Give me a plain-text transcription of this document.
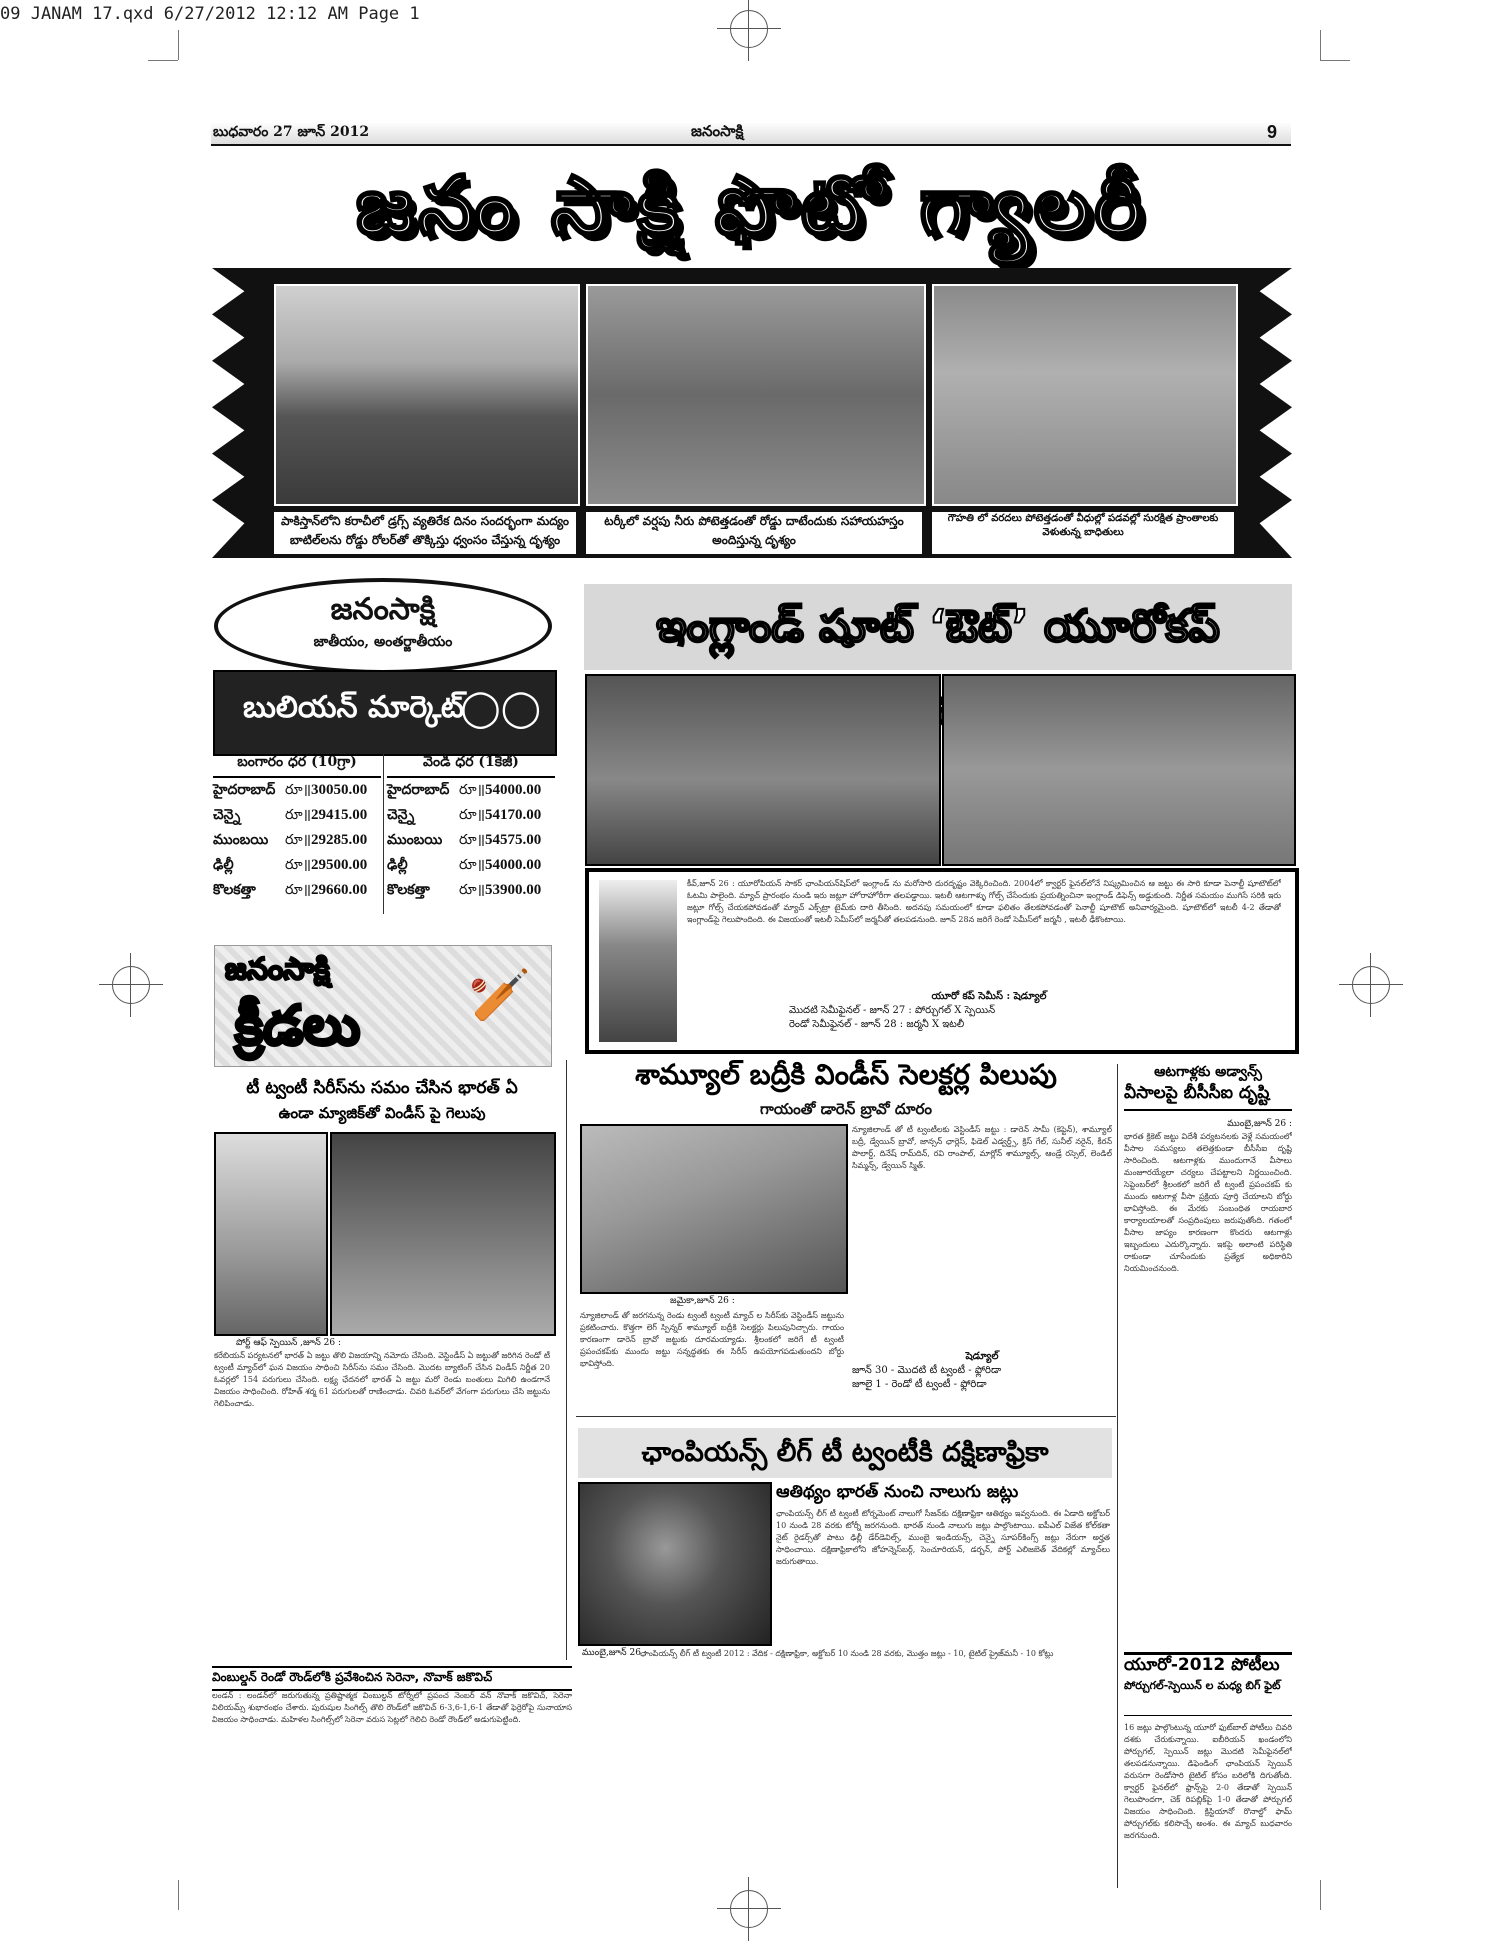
09 JANAM 17.qxd 6/27/2012 12:12 AM Page 1
బుధవారం 27 జూన్ 2012	జనంసాక్షి	9
జనం సాక్షి ఫొటో గ్యాలరీ
పాకిస్తాన్‌లోని కరాచీలో డ్రగ్స్ వ్యతిరేక దినం సందర్భంగా మద్యం బాటిల్‌లను రోడ్డు రోలర్‌తో తొక్కిస్తు ధ్వంసం చేస్తున్న దృశ్యం
టర్కీలో వర్షపు నీరు పోటెత్తడంతో రోడ్డు దాటేందుకు సహాయహస్తం అందిస్తున్న దృశ్యం
గౌహతి లో వరదలు పోటెత్తడంతో వీధుల్లో పడవల్లో సురక్షిత ప్రాంతాలకు వెళుతున్న బాధితులు
జనంసాక్షి
జాతీయం, అంతర్జాతీయం
బులియన్ మార్కెట్
◯◯
బంగారం ధర (10గ్రా)
హైదరాబాద్ రూ॥ 30050.00
చెన్నై	రూ॥ 29415.00
ముంబయి	రూ॥ 29285.00
ఢిల్లీ	రూ॥ 29500.00
కొలకత్తా	రూ॥ 29660.00
వెండి ధర (1కేజీ)
హైదరాబాద్ రూ॥ 54000.00
చెన్నై	రూ॥ 54170.00
ముంబయి	రూ॥ 54575.00
ఢిల్లీ	రూ॥ 54000.00
కొలకత్తా	రూ॥ 53900.00
జనంసాక్షి
క్రీడలు 🏏
ఇంగ్లాండ్ షూట్ ‘ఔట్’ యూరోకప్
కీవ్,జూన్ 26 : యూరోపియన్ సాకర్ ఛాంపియన్‌షిప్‌లో ఇంగ్లాండ్ ను మరోసారి దురదృష్టం వెక్కిరించింది. 2004లో క్వార్టర్ ఫైనల్‌లోనే నిష్క్రమించిన ఆ జట్టు ఈ సారి కూడా పెనాల్టీ షూటౌట్‌లో ఓటమి పాలైంది. మ్యాచ్ ప్రారంభం నుండి ఇరు జట్లూ హోరాహోరీగా తలపడ్డాయి. ఇటలీ ఆటగాళ్ళు గోల్స్ చేసేందుకు ప్రయత్నించినా ఇంగ్లాండ్ డిఫెన్స్ అడ్డుకుంది. నిర్ణీత సమయం ముగిసే సరికి ఇరు జట్లూ గోల్స్ చేయకపోవడంతో మ్యాచ్ ఎక్స్‌ట్రా టైమ్‌కు దారి తీసింది. అదనపు సమయంలో కూడా ఫలితం తేలకపోవడంతో పెనాల్టీ షూటౌట్ అనివార్యమైంది. షూటౌట్‌లో ఇటలీ 4-2 తేడాతో ఇంగ్లాండ్‌పై గెలుపొందింది. ఈ విజయంతో ఇటలీ సెమీస్‌లో జర్మనీతో తలపడనుంది. జూన్ 28న జరిగే రెండో సెమీస్‌లో జర్మనీ , ఇటలీ ఢీకొంటాయి.
యూరో కప్ సెమీస్ : షెడ్యూల్
మొదటి సెమీఫైనల్ - జూన్ 27 : పోర్చుగల్ X స్పెయిన్
రెండో సెమీఫైనల్ - జూన్ 28 : జర్మనీ X ఇటలీ
ఆటగాళ్లకు అడ్వాన్స్
వీసాలపై బీసీసీఐ దృష్టి
ముంబై,జూన్ 26 :
భారత క్రికెట్ జట్టు విదేశీ పర్యటనలకు వెళ్లే సమయంలో వీసాల సమస్యలు తలెత్తకుండా బీసీసీఐ దృష్టి సారించింది. ఆటగాళ్లకు ముందుగానే వీసాలు మంజూరయ్యేలా చర్యలు చేపట్టాలని నిర్ణయించింది. సెప్టెంబర్‌లో శ్రీలంకలో జరిగే టీ ట్వంటీ ప్రపంచకప్ కు ముందు ఆటగాళ్ల వీసా ప్రక్రియ పూర్తి చేయాలని బోర్డు భావిస్తోంది. ఈ మేరకు సంబంధిత రాయబార కార్యాలయాలతో సంప్రదింపులు జరుపుతోంది. గతంలో వీసాల జాప్యం కారణంగా కొందరు ఆటగాళ్లు ఇబ్బందులు ఎదుర్కొన్నారు. ఇకపై అలాంటి పరిస్థితి రాకుండా చూసేందుకు ప్రత్యేక అధికారిని నియమించనుంది.
శామ్యూల్ బద్రీకి విండీస్ సెలక్టర్ల పిలుపు
గాయంతో డారెన్ బ్రావో దూరం
జమైకా,జూన్ 26 :
న్యూజిలాండ్ తో జరగనున్న రెండు ట్వంటీ ట్వంటీ మ్యాచ్ ల సిరీస్‌కు వెస్టిండీస్ జట్టును ప్రకటించారు. కొత్తగా లెగ్ స్పిన్నర్ శామ్యూల్ బద్రీకి సెలక్టర్లు పిలుపునిచ్చారు. గాయం కారణంగా డారెన్ బ్రావో జట్టుకు దూరమయ్యాడు. శ్రీలంకలో జరిగే టీ ట్వంటీ ప్రపంచకప్‌కు ముందు జట్టు సన్నద్ధతకు ఈ సిరీస్ ఉపయోగపడుతుందని బోర్డు భావిస్తోంది.
న్యూజిలాండ్ తో టీ ట్వంటీలకు వెస్టిండీస్ జట్టు : డారెన్ సామీ (కెప్టెన్), శామ్యూల్ బద్రీ, డ్వేయిన్ బ్రావో, జాన్సన్ ఛార్లెస్, ఫిడెల్ ఎడ్వర్డ్స్, క్రిస్ గేల్, సునీల్ నరైన్, కీరన్ పొలార్డ్, దినేష్ రామ్‌దిన్, రవి రాంపాల్, మార్లోన్ శామ్యూల్స్, ఆండ్రే రస్సెల్, లెండిల్ సిమ్మన్స్, డ్వేయిన్ స్మిత్.
షెడ్యూల్
జూన్ 30 - మొదటి టీ ట్వంటీ - ఫ్లోరిడా
జూలై 1 - రెండో టీ ట్వంటీ - ఫ్లోరిడా
టీ ట్వంటీ సిరీస్‌ను సమం చేసిన భారత్ ఏ
ఉండా మ్యాజిక్‌తో విండీస్ పై గెలుపు
పోర్ట్ ఆఫ్ స్పెయిన్ ,జూన్ 26 :
కరేబియన్ పర్యటనలో భారత్ ఏ జట్టు తొలి విజయాన్ని నమోదు చేసింది. వెస్టిండీస్ ఏ జట్టుతో జరిగిన రెండో టీ ట్వంటీ మ్యాచ్‌లో ఘన విజయం సాధించి సిరీస్‌ను సమం చేసింది. మొదట బ్యాటింగ్ చేసిన విండీస్ నిర్ణీత 20 ఓవర్లలో 154 పరుగులు చేసింది. లక్ష్య ఛేదనలో భారత్ ఏ జట్టు మరో రెండు బంతులు మిగిలి ఉండగానే విజయం సాధించింది. రోహిత్ శర్మ 61 పరుగులతో రాణించాడు. చివరి ఓవర్‌లో వేగంగా పరుగులు చేసి జట్టును గెలిపించాడు.
ఛాంపియన్స్ లీగ్ టీ ట్వంటీకి దక్షిణాఫ్రికా
ఆతిథ్యం భారత్ నుంచి నాలుగు జట్లు
ఛాంపియన్స్ లీగ్ టీ ట్వంటీ టోర్నమెంట్ నాలుగో సీజన్‌కు దక్షిణాఫ్రికా ఆతిథ్యం ఇవ్వనుంది. ఈ ఏడాది అక్టోబర్ 10 నుండి 28 వరకు టోర్నీ జరగనుంది. భారత్ నుండి నాలుగు జట్లు పాల్గొంటాయి. ఐపీఎల్ విజేత కోల్‌కతా నైట్ రైడర్స్‌తో పాటు ఢిల్లీ డేర్‌డెవిల్స్, ముంబై ఇండియన్స్, చెన్నై సూపర్‌కింగ్స్ జట్లు నేరుగా అర్హత సాధించాయి. దక్షిణాఫ్రికాలోని జోహన్నెస్‌బర్గ్, సెంచూరియన్, డర్బన్, పోర్ట్ ఎలిజబెత్ వేదికల్లో మ్యాచ్‌లు జరుగుతాయి.
ముంబై,జూన్ 26 :
ఛాంపియన్స్ లీగ్ టీ ట్వంటీ 2012 : వేదిక - దక్షిణాఫ్రికా, అక్టోబర్ 10 నుండి 28 వరకు, మొత్తం జట్లు - 10, టైటిల్ ప్రైజ్‌మనీ - 10 కోట్లు
వింబుల్డన్ రెండో రౌండ్‌లోకి ప్రవేశించిన సెరెనా, నొవాక్ జకొవిచ్
లండన్ : లండన్‌లో జరుగుతున్న ప్రతిష్టాత్మక వింబుల్డన్ టోర్నీలో ప్రపంచ నెంబర్ వన్ నొవాక్ జకొవిచ్, సెరెనా విలియమ్స్ శుభారంభం చేశారు. పురుషుల సింగిల్స్ తొలి రౌండ్‌లో జకొవిచ్ 6-3,6-1,6-1 తేడాతో ఫెర్రెరోపై సునాయాస విజయం సాధించాడు. మహిళల సింగిల్స్‌లో సెరెనా వరుస సెట్లలో గెలిచి రెండో రౌండ్‌లో అడుగుపెట్టింది.
యూరో-2012 పోటీలు
పోర్చుగల్-స్పెయిన్ ల మధ్య బిగ్ ఫైట్
16 జట్లు పాల్గొంటున్న యూరో ఫుట్‌బాల్ పోటీలు చివరి దశకు చేరుకున్నాయి. ఐబీరియన్ ఖండంలోని పోర్చుగల్, స్పెయిన్ జట్లు మొదటి సెమీఫైనల్‌లో తలపడనున్నాయి. డిఫెండింగ్ ఛాంపియన్ స్పెయిన్ వరుసగా రెండోసారి టైటిల్ కోసం బరిలోకి దిగుతోంది. క్వార్టర్ ఫైనల్‌లో ఫ్రాన్స్‌పై 2-0 తేడాతో స్పెయిన్ గెలుపొందగా, చెక్ రిపబ్లిక్‌పై 1-0 తేడాతో పోర్చుగల్ విజయం సాధించింది. క్రిస్టియానో రొనాల్డో ఫామ్ పోర్చుగల్‌కు కలిసొచ్చే అంశం. ఈ మ్యాచ్ బుధవారం జరగనుంది.
